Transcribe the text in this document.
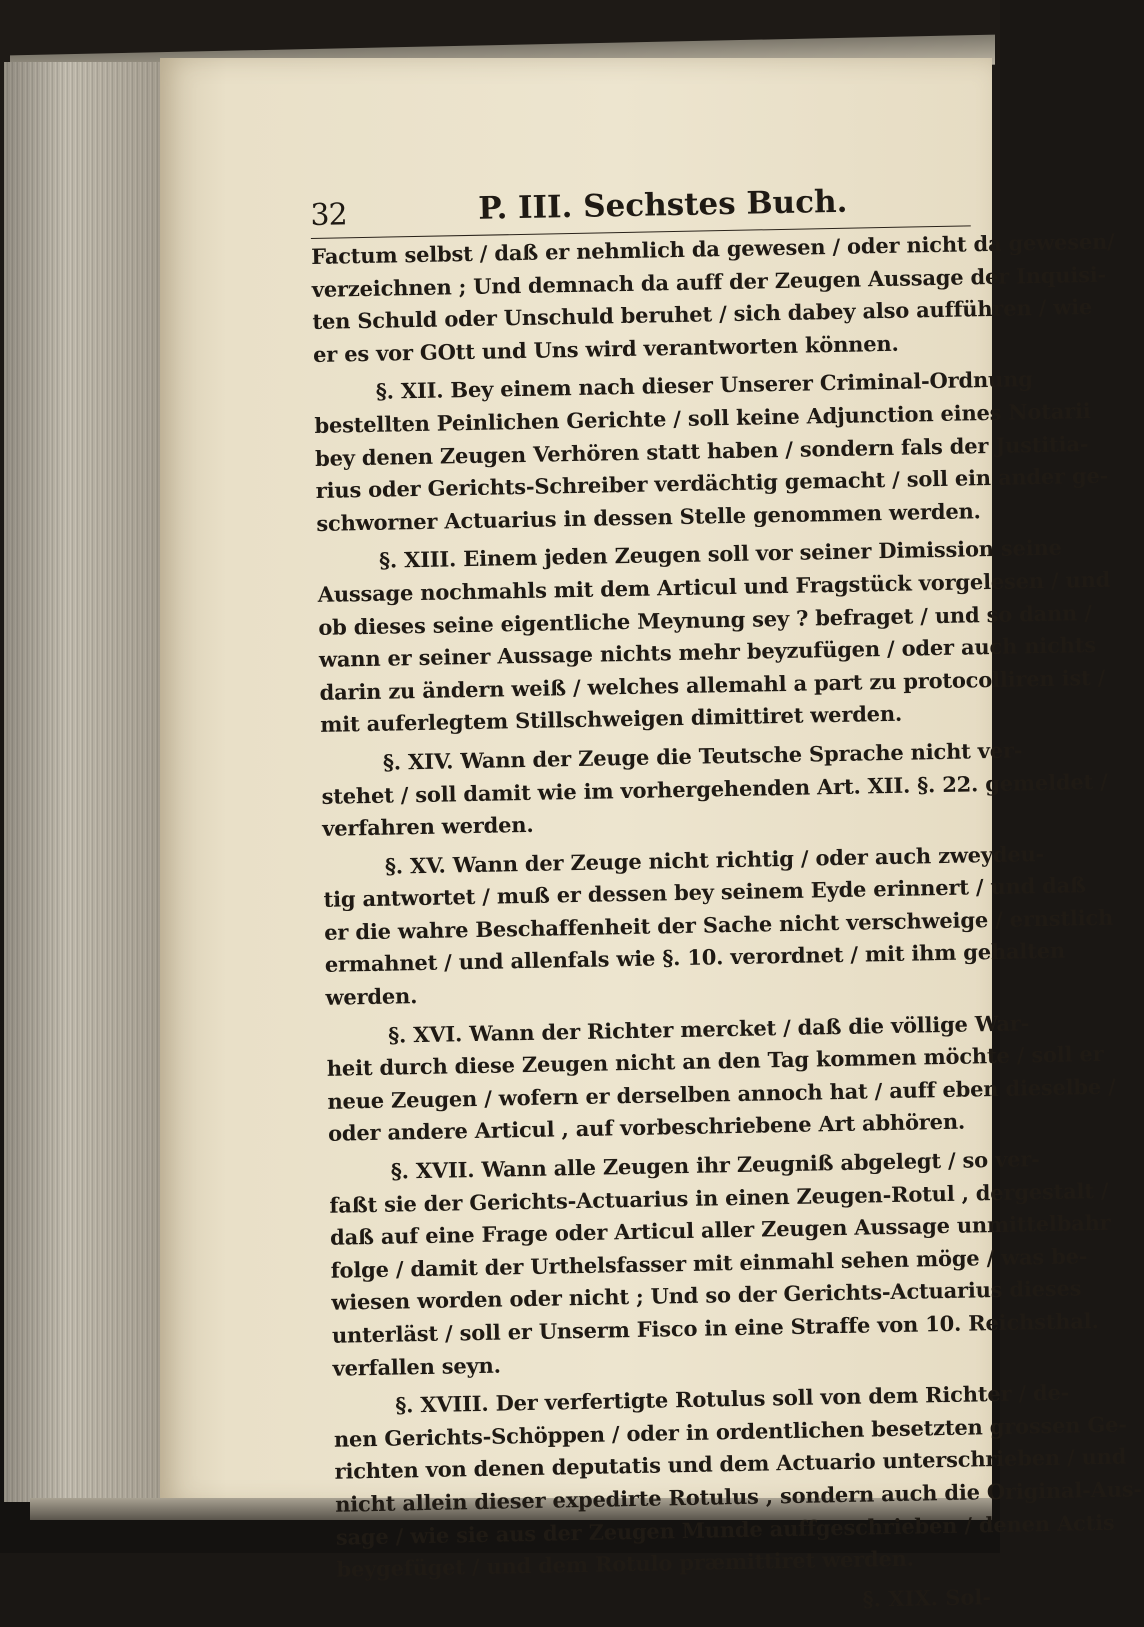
32	P. III. Sechstes Buch.
Factum selbst / daß er nehmlich da gewesen / oder nicht da gewesen/
verzeichnen ; Und demnach da auff der Zeugen Aussage der Inquisi-
ten Schuld oder Unschuld beruhet / sich dabey also aufführen / wie
er es vor GOtt und Uns wird verantworten können.
§. XII. Bey einem nach dieser Unserer Criminal-Ordnung
bestellten Peinlichen Gerichte / soll keine Adjunction eines Notarii
bey denen Zeugen Verhören statt haben / sondern fals der Justitia-
rius oder Gerichts-Schreiber verdächtig gemacht / soll ein ander ge-
schworner Actuarius in dessen Stelle genommen werden.
§. XIII. Einem jeden Zeugen soll vor seiner Dimission seine
Aussage nochmahls mit dem Articul und Fragstück vorgelesen / und
ob dieses seine eigentliche Meynung sey ? befraget / und so dann /
wann er seiner Aussage nichts mehr beyzufügen / oder auch nichts
darin zu ändern weiß / welches allemahl a part zu protocolliren ist /
mit auferlegtem Stillschweigen dimittiret werden.
§. XIV. Wann der Zeuge die Teutsche Sprache nicht ver-
stehet / soll damit wie im vorhergehenden Art. XII. §. 22. gemeldet /
verfahren werden.
§. XV. Wann der Zeuge nicht richtig / oder auch zweydeu-
tig antwortet / muß er dessen bey seinem Eyde erinnert / und daß
er die wahre Beschaffenheit der Sache nicht verschweige / ernstlich
ermahnet / und allenfals wie §. 10. verordnet / mit ihm gehalten
werden.
§. XVI. Wann der Richter mercket / daß die völlige War-
heit durch diese Zeugen nicht an den Tag kommen möchte / soll er
neue Zeugen / wofern er derselben annoch hat / auff eben dieselbe /
oder andere Articul , auf vorbeschriebene Art abhören.
§. XVII. Wann alle Zeugen ihr Zeugniß abgelegt / so ver-
faßt sie der Gerichts-Actuarius in einen Zeugen-Rotul , dergestalt /
daß auf eine Frage oder Articul aller Zeugen Aussage unmittelbahr
folge / damit der Urthelsfasser mit einmahl sehen möge / was be-
wiesen worden oder nicht ; Und so der Gerichts-Actuarius dieses
unterläst / soll er Unserm Fisco in eine Straffe von 10. Reichsthal.
verfallen seyn.
§. XVIII. Der verfertigte Rotulus soll von dem Richter / de-
nen Gerichts-Schöppen / oder in ordentlichen besetzten grossen Ge-
richten von denen deputatis und dem Actuario unterschrieben / und
nicht allein dieser expedirte Rotulus , sondern auch die Original-Aus-
sage / wie sie aus der Zeugen Munde auffgeschrieben / denen Actis
beygefüget / und dem Rotulo præmittiret werden.
§. XIX. Sol-
